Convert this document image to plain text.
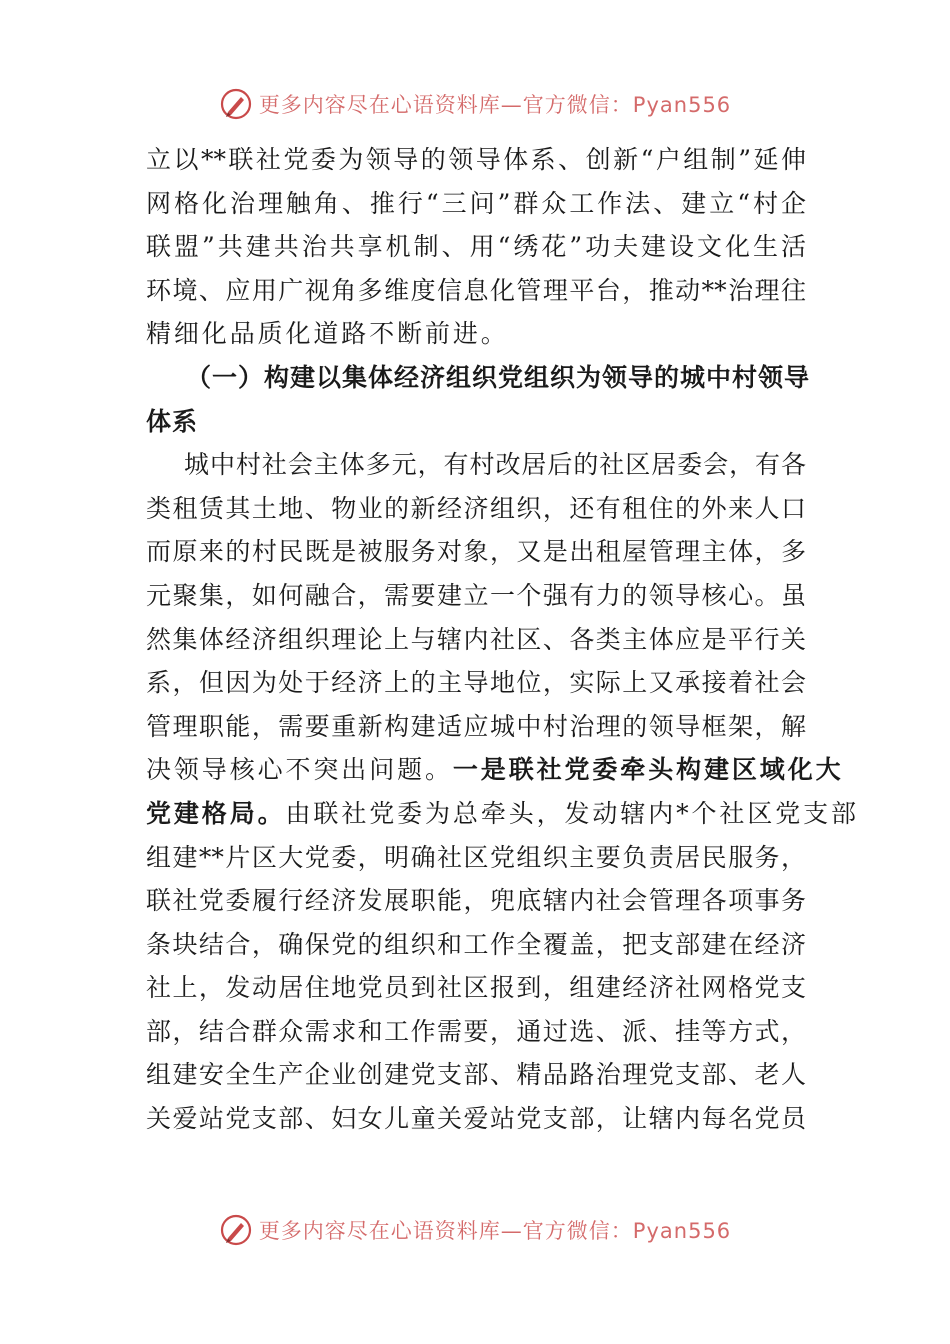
更多内容尽在心语资料库—官方微信：Pyan556
立以**联社党委为领导的领导体系、创新“户组制”延伸
网格化治理触角、推行“三问”群众工作法、建立“村企
联盟”共建共治共享机制、用“绣花”功夫建设文化生活
环境、应用广视角多维度信息化管理平台，推动**治理往
精细化品质化道路不断前进。
（一）构建以集体经济组织党组织为领导的城中村领导
体系
城中村社会主体多元，有村改居后的社区居委会，有各
类租赁其土地、物业的新经济组织，还有租住的外来人口
而原来的村民既是被服务对象，又是出租屋管理主体，多
元聚集，如何融合，需要建立一个强有力的领导核心。虽
然集体经济组织理论上与辖内社区、各类主体应是平行关
系，但因为处于经济上的主导地位，实际上又承接着社会
管理职能，需要重新构建适应城中村治理的领导框架，解
决领导核心不突出问题。一是联社党委牵头构建区域化大
党建格局。由联社党委为总牵头，发动辖内*个社区党支部
组建**片区大党委，明确社区党组织主要负责居民服务，
联社党委履行经济发展职能，兜底辖内社会管理各项事务
条块结合，确保党的组织和工作全覆盖，把支部建在经济
社上，发动居住地党员到社区报到，组建经济社网格党支
部，结合群众需求和工作需要，通过选、派、挂等方式，
组建安全生产企业创建党支部、精品路治理党支部、老人
关爱站党支部、妇女儿童关爱站党支部，让辖内每名党员
更多内容尽在心语资料库—官方微信：Pyan556
